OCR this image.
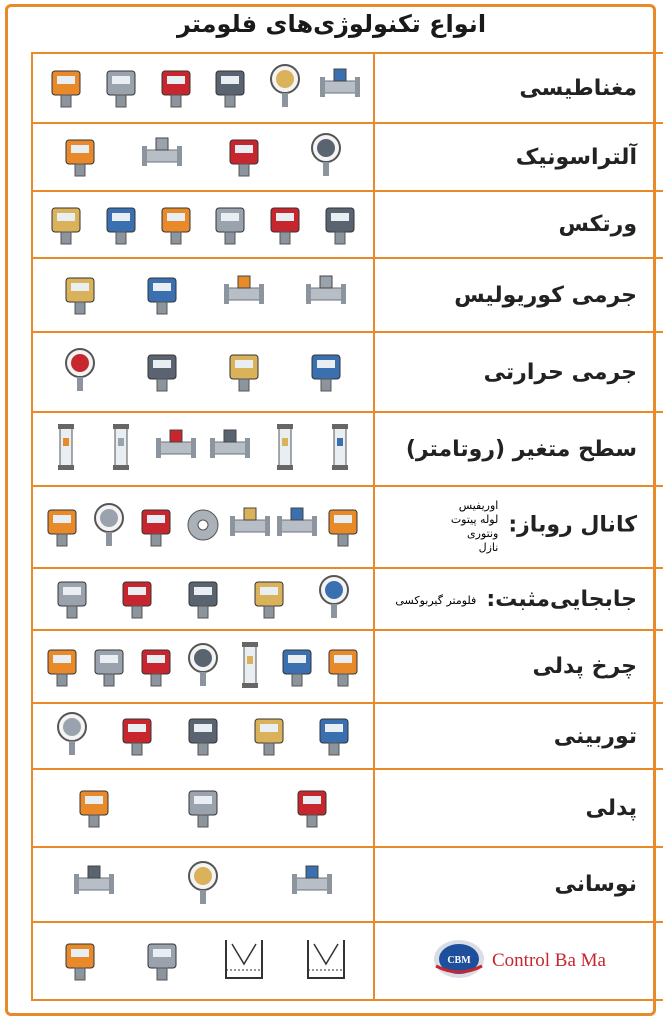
انواع تکنولوژی‌های فلومتر
	مغناطیسی

	آلتراسونیک

	ورتکس

	جرمی کوریولیس

	جرمی حرارتی

	سطح متغیر (روتامتر)

	کانال روباز:
اوریفیس
لوله پیتوت
ونتوری
نازل

	جابجایی‌مثبت:
فلومتر گیربوکسی

	چرخ پدلی

	توربینی

	پدلی

	نوسانی

CBM Control Ba Ma
